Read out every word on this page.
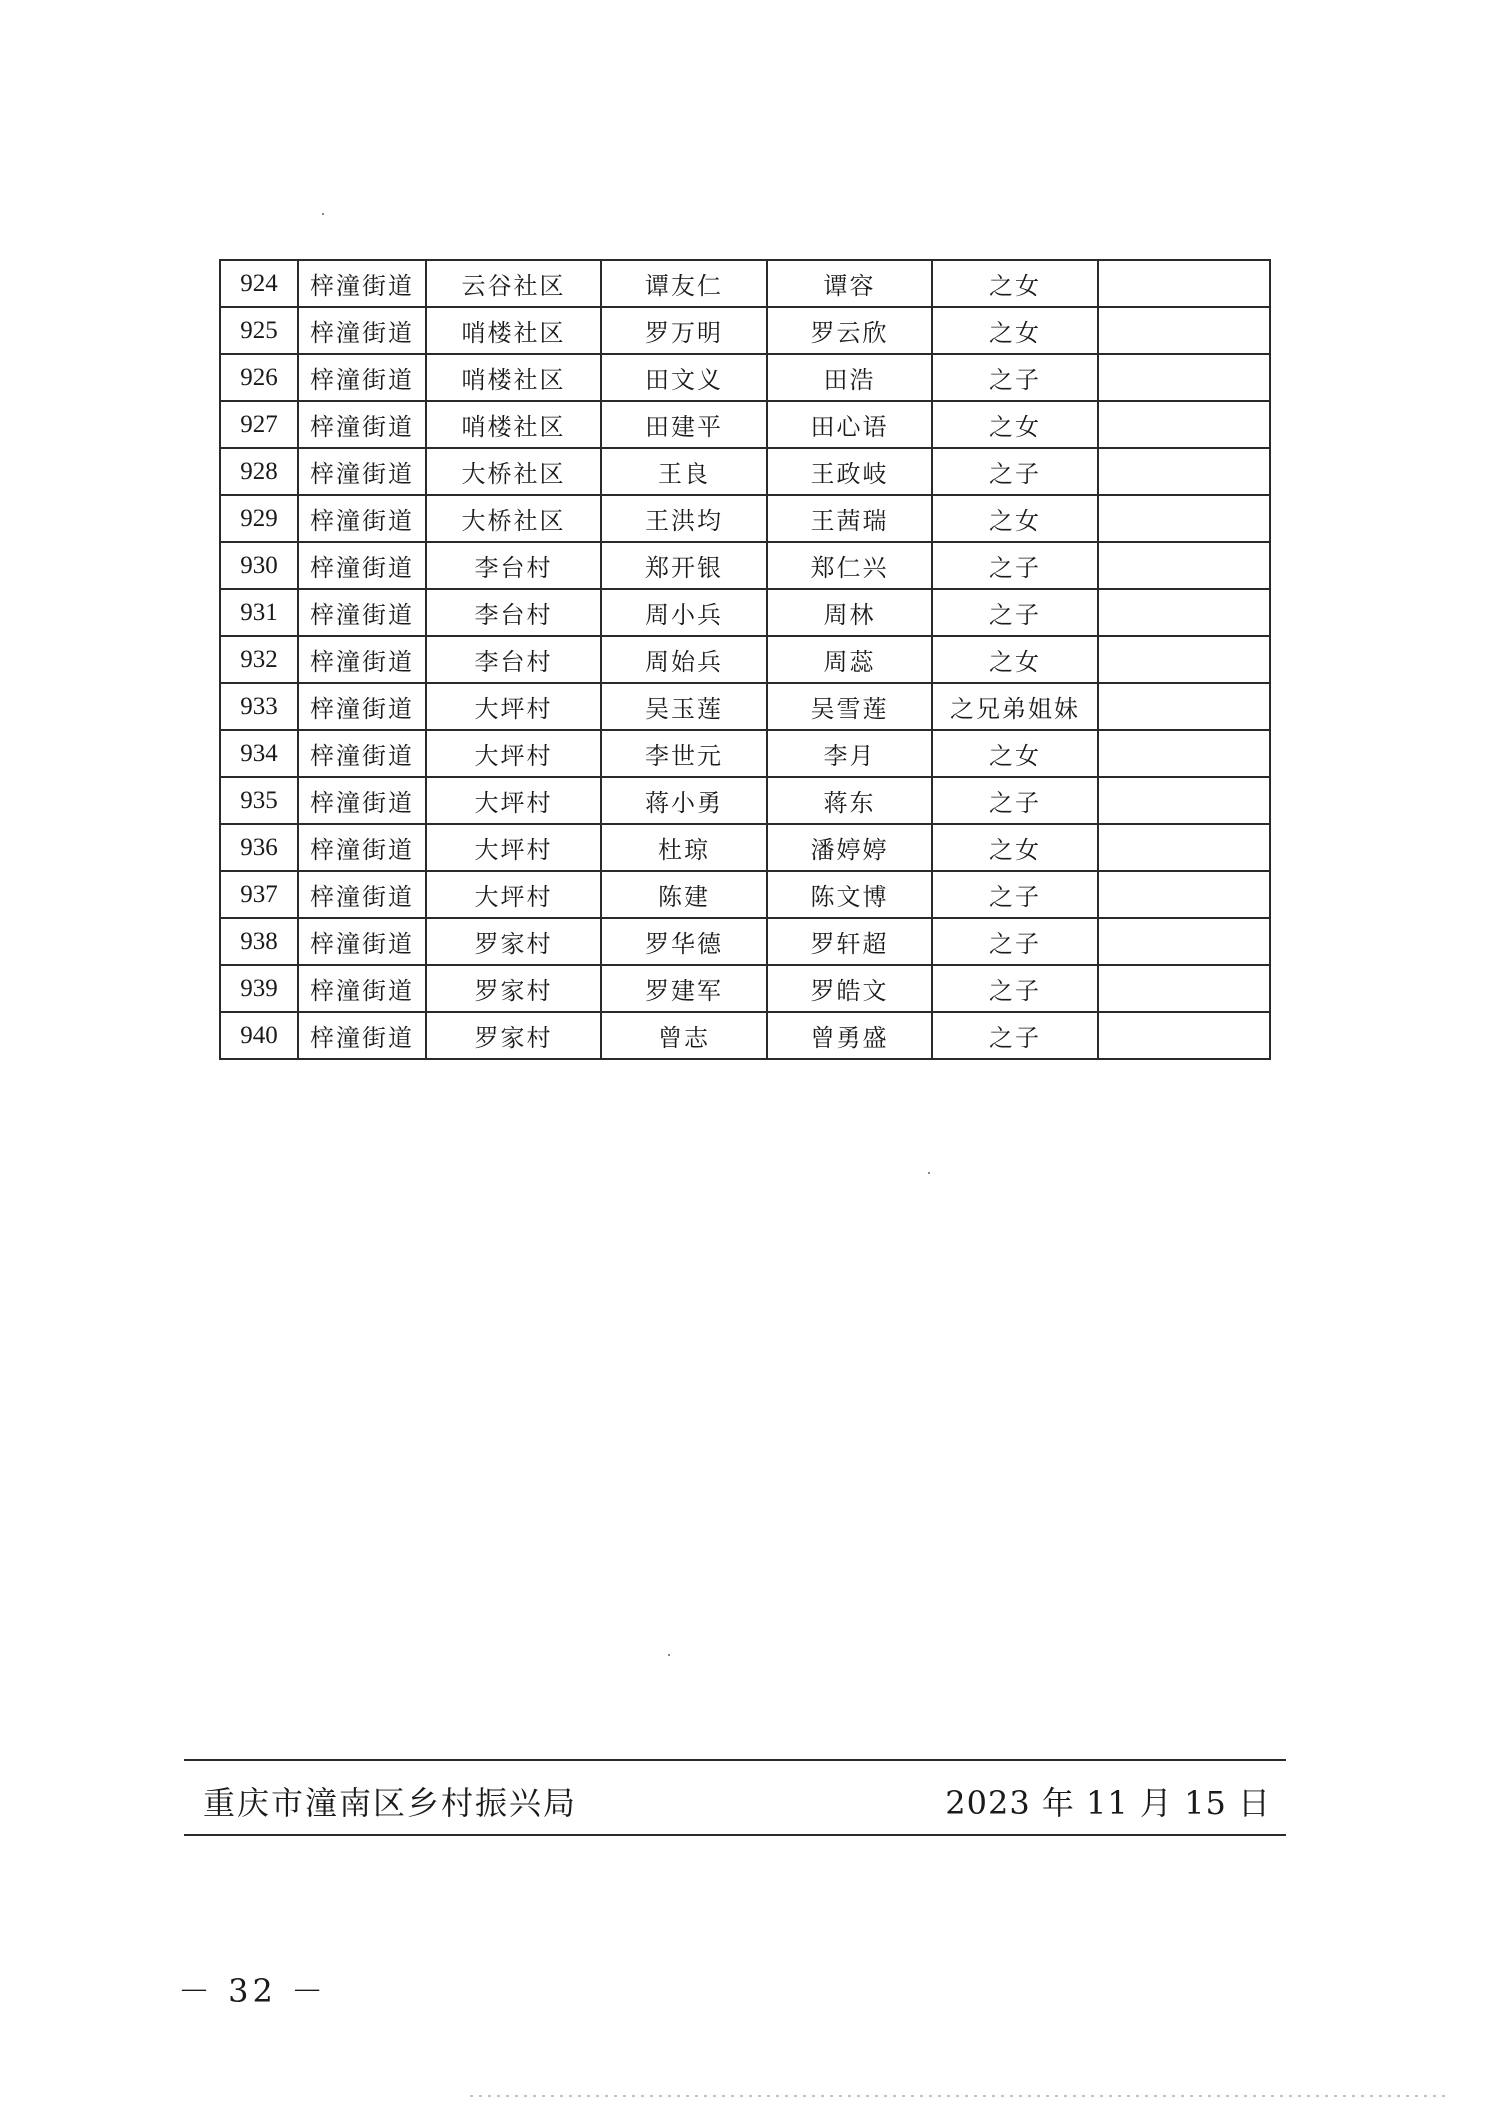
924	梓潼街道	云谷社区	谭友仁	谭容	之女	
925	梓潼街道	哨楼社区	罗万明	罗云欣	之女	
926	梓潼街道	哨楼社区	田文义	田浩	之子	
927	梓潼街道	哨楼社区	田建平	田心语	之女	
928	梓潼街道	大桥社区	王良	王政岐	之子	
929	梓潼街道	大桥社区	王洪均	王茜瑞	之女	
930	梓潼街道	李台村	郑开银	郑仁兴	之子	
931	梓潼街道	李台村	周小兵	周林	之子	
932	梓潼街道	李台村	周始兵	周蕊	之女	
933	梓潼街道	大坪村	吴玉莲	吴雪莲	之兄弟姐妹	
934	梓潼街道	大坪村	李世元	李月	之女	
935	梓潼街道	大坪村	蒋小勇	蒋东	之子	
936	梓潼街道	大坪村	杜琼	潘婷婷	之女	
937	梓潼街道	大坪村	陈建	陈文博	之子	
938	梓潼街道	罗家村	罗华德	罗轩超	之子	
939	梓潼街道	罗家村	罗建军	罗皓文	之子	
940	梓潼街道	罗家村	曾志	曾勇盛	之子	
重庆市潼南区乡村振兴局	2023 年 11 月 15 日
－ 32 －
